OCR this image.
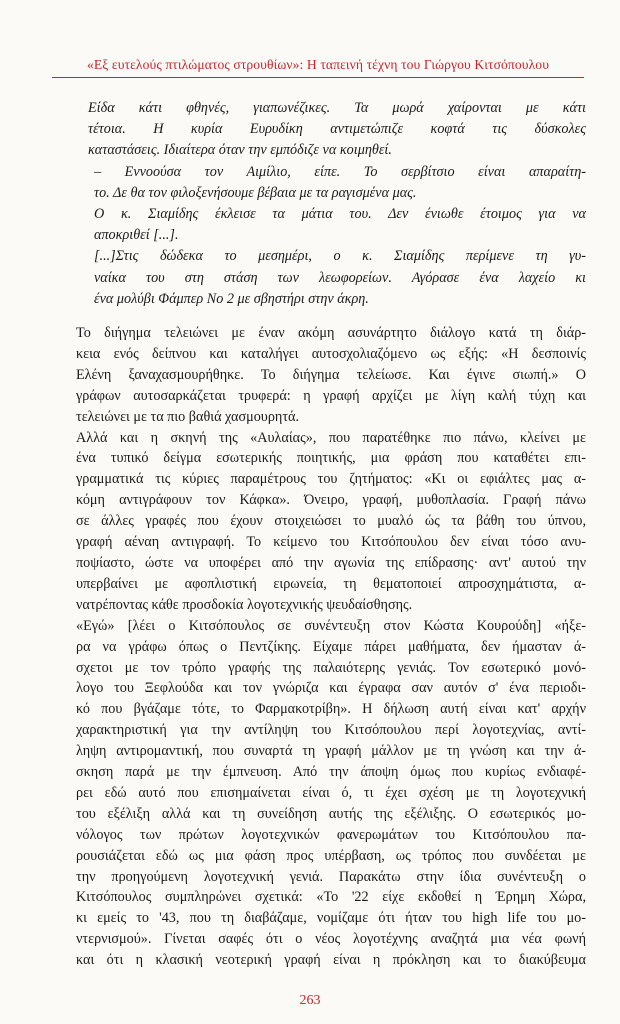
«Εξ ευτελούς πτιλώματος στρουθίων»: Η ταπεινή τέχνη του Γιώργου Κιτσόπουλου

Είδα κάτι φθηνές, γιαπωνέζικες. Τα μωρά χαίρονται με κάτι
τέτοια. Η κυρία Ευρυδίκη αντιμετώπιζε κοφτά τις δύσκολες
καταστάσεις. Ιδιαίτερα όταν την εμπόδιζε να κοιμηθεί.

– Εννοούσα τον Αιμίλιο, είπε. Το σερβίτσιο είναι απαραίτη-
το. Δε θα τον φιλοξενήσουμε βέβαια με τα ραγισμένα μας.

Ο κ. Σιαμίδης έκλεισε τα μάτια του. Δεν ένιωθε έτοιμος για να
αποκριθεί [...].

[...]Στις δώδεκα το μεσημέρι, ο κ. Σιαμίδης περίμενε τη γυ-
ναίκα του στη στάση των λεωφορείων. Αγόρασε ένα λαχείο κι
ένα μολύβι Φάμπερ Νο 2 με σβηστήρι στην άκρη.

Το διήγημα τελειώνει με έναν ακόμη ασυνάρτητο διάλογο κατά τη διάρ-
κεια ενός δείπνου και καταλήγει αυτοσχολιαζόμενο ως εξής: «Η δεσποινίς
Ελένη ξαναχασμουρήθηκε. Το διήγημα τελείωσε. Και έγινε σιωπή.» Ο
γράφων αυτοσαρκάζεται τρυφερά: η γραφή αρχίζει με λίγη καλή τύχη και
τελειώνει με τα πιο βαθιά χασμουρητά.

Αλλά και η σκηνή της «Αυλαίας», που παρατέθηκε πιο πάνω, κλείνει με
ένα τυπικό δείγμα εσωτερικής ποιητικής, μια φράση που καταθέτει επι-
γραμματικά τις κύριες παραμέτρους του ζητήματος: «Κι οι εφιάλτες μας α-
κόμη αντιγράφουν τον Κάφκα». Όνειρο, γραφή, μυθοπλασία. Γραφή πάνω
σε άλλες γραφές που έχουν στοιχειώσει το μυαλό ώς τα βάθη του ύπνου,
γραφή αέναη αντιγραφή. Το κείμενο του Κιτσόπουλου δεν είναι τόσο ανυ-
ποψίαστο, ώστε να υποφέρει από την αγωνία της επίδρασης· αντ' αυτού την
υπερβαίνει με αφοπλιστική ειρωνεία, τη θεματοποιεί απροσχημάτιστα, α-
νατρέποντας κάθε προσδοκία λογοτεχνικής ψευδαίσθησης.

«Εγώ» [λέει ο Κιτσόπουλος σε συνέντευξη στον Κώστα Κουρούδη] «ήξε-
ρα να γράφω όπως ο Πεντζίκης. Είχαμε πάρει μαθήματα, δεν ήμασταν ά-
σχετοι με τον τρόπο γραφής της παλαιότερης γενιάς. Τον εσωτερικό μονό-
λογο του Ξεφλούδα και τον γνώριζα και έγραφα σαν αυτόν σ' ένα περιοδι-
κό που βγάζαμε τότε, το Φαρμακοτρίβη». Η δήλωση αυτή είναι κατ' αρχήν
χαρακτηριστική για την αντίληψη του Κιτσόπουλου περί λογοτεχνίας, αντί-
ληψη αντιρομαντική, που συναρτά τη γραφή μάλλον με τη γνώση και την ά-
σκηση παρά με την έμπνευση. Από την άποψη όμως που κυρίως ενδιαφέ-
ρει εδώ αυτό που επισημαίνεται είναι ό, τι έχει σχέση με τη λογοτεχνική
του εξέλιξη αλλά και τη συνείδηση αυτής της εξέλιξης. Ο εσωτερικός μο-
νόλογος των πρώτων λογοτεχνικών φανερωμάτων του Κιτσόπουλου πα-
ρουσιάζεται εδώ ως μια φάση προς υπέρβαση, ως τρόπος που συνδέεται με
την προηγούμενη λογοτεχνική γενιά. Παρακάτω στην ίδια συνέντευξη ο
Κιτσόπουλος συμπληρώνει σχετικά: «Το '22 είχε εκδοθεί η Έρημη Χώρα,
κι εμείς το '43, που τη διαβάζαμε, νομίζαμε ότι ήταν του high life του μο-
ντερνισμού». Γίνεται σαφές ότι ο νέος λογοτέχνης αναζητά μια νέα φωνή
και ότι η κλασική νεοτερική γραφή είναι η πρόκληση και το διακύβευμα

263
